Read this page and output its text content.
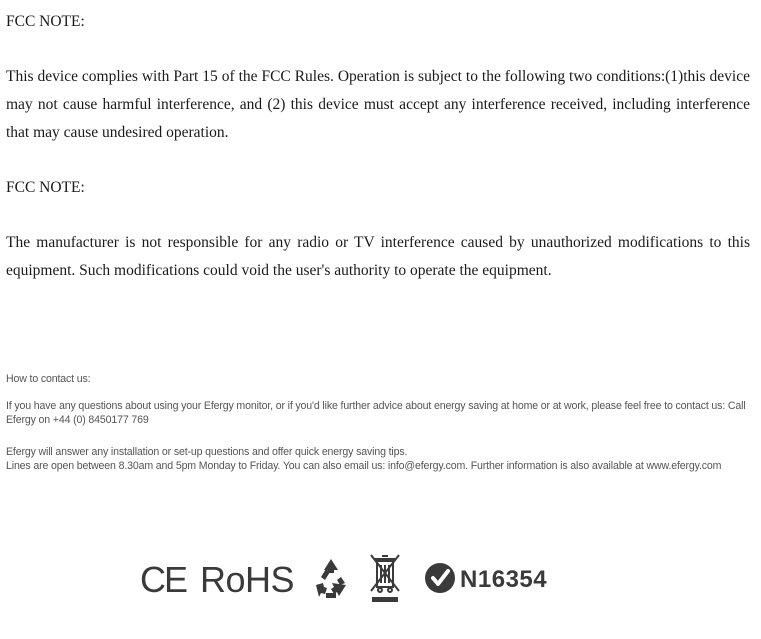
FCC NOTE:
This device complies with Part 15 of the FCC Rules. Operation is subject to the following two conditions:(1)this device may not cause harmful interference, and (2) this device must accept any interference received, including interference that may cause undesired operation.
FCC NOTE:
The manufacturer is not responsible for any radio or TV interference caused by unauthorized modifications to this equipment. Such modifications could void the user's authority to operate the equipment.

How to contact us:

If you have any questions about using your Efergy monitor, or if you'd like further advice about energy saving at home or at work, please feel free to contact us: Call Efergy on +44 (0) 8450177 769

Efergy will answer any installation or set-up questions and offer quick energy saving tips.

Lines are open between 8.30am and 5pm Monday to Friday. You can also email us: info@efergy.com. Further information is also available at www.efergy.com

CE RoHS	N16354
